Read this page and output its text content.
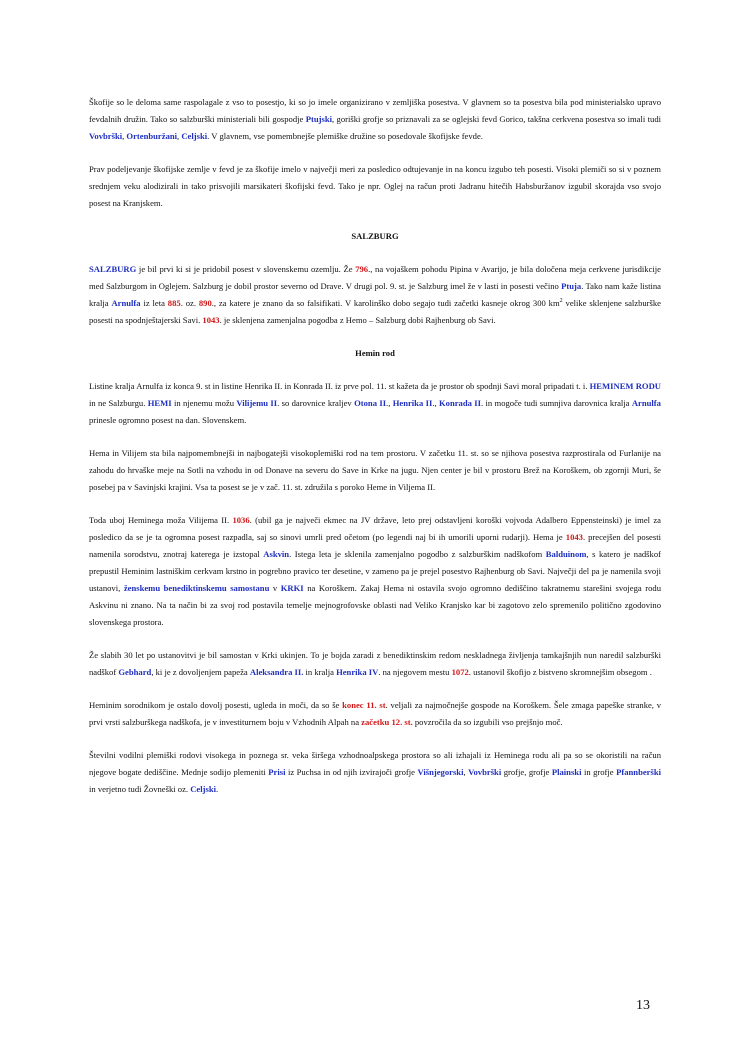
Škofije so le deloma same raspolagale z vso to posestjo, ki so jo imele organizirano v zemljiška posestva. V glavnem so ta posestva bila pod ministerialsko upravo fevdalnih družin. Tako so salzburški ministeriali bili gospodje Ptujski, goriški grofje so priznavali za se oglejski fevd Gorico, takšna cerkvena posestva so imali tudi Vovbrški, Ortenburžani, Celjski. V glavnem, vse pomembnejše plemiške družine so posedovale škofijske fevde.

Prav podeljevanje škofijske zemlje v fevd je za škofije imelo v največji meri za posledico odtujevanje in na koncu izgubo teh posesti. Visoki plemiči so si v poznem srednjem veku alodizirali in tako prisvojili marsikateri škofijski fevd. Tako je npr. Oglej na račun proti Jadranu hitečih Habsburžanov izgubil skorajda vso svojo posest na Kranjskem.

SALZBURG

SALZBURG je bil prvi ki si je pridobil posest v slovenskemu ozemlju. Že 796., na vojaškem pohodu Pipina v Avarijo, je bila določena meja cerkvene jurisdikcije med Salzburgom in Oglejem. Salzburg je dobil prostor severno od Drave. V drugi pol. 9. st. je Salzburg imel že v lasti in posesti večino Ptuja. Tako nam kaže listina kralja Arnulfa iz leta 885. oz. 890., za katere je znano da so falsifikati. V karolinško dobo segajo tudi začetki kasneje okrog 300 $km^2$ velike sklenjene salzburške posesti na spodnještajerski Savi. 1043. je sklenjena zamenjalna pogodba z Hemo – Salzburg dobi Rajhenburg ob Savi.

Hemin rod

Listine kralja Arnulfa iz konca 9. st in listine Henrika II. in Konrada II. iz prve pol. 11. st kažeta da je prostor ob spodnji Savi moral pripadati t. i. HEMINEM RODU in ne Salzburgu. HEMI in njenemu možu Vilijemu II. so darovnice kraljev Otona II., Henrika II., Konrada II. in mogoče tudi sumnjiva darovnica kralja Arnulfa prinesle ogromno posest na dan. Slovenskem.

Hema in Vilijem sta bila najpomembnejši in najbogatejši visokoplemiški rod na tem prostoru. V začetku 11. st. so se njihova posestva razprostirala od Furlanije na zahodu do hrvaške meje na Sotli na vzhodu in od Donave na severu do Save in Krke na jugu. Njen center je bil v prostoru Brež na Koroškem, ob zgornji Muri, še posebej pa v Savinjski krajini. Vsa ta posest se je v zač. 11. st. združila s poroko Heme in Viljema II.

Toda uboj Heminega moža Vilijema II. 1036. (ubil ga je največi ekmec na JV države, leto prej odstavljeni koroški vojvoda Adalbero Eppensteinski) je imel za posledico da se je ta ogromna posest razpadla, saj so sinovi umrli pred očetom (po legendi naj bi ih umorili uporni rudarji). Hema je 1043. precejšen del posesti namenila sorodstvu, znotraj katerega je izstopal Askvin. Istega leta je sklenila zamenjalno pogodbo z salzburškim nadškofom Balduinom, s katero je nadškof prepustil Heminim lastniškim cerkvam krstno in pogrebno pravico ter desetine, v zameno pa je prejel posestvo Rajhenburg ob Savi. Največji del pa je namenila svoji ustanovi, ženskemu benediktinskemu samostanu v KRKI na Koroškem. Zakaj Hema ni ostavila svojo ogromno dediščino takratnemu starešini svojega rodu Askvinu ni znano. Na ta način bi za svoj rod postavila temelje mejnogrofovske oblasti nad Veliko Kranjsko kar bi zagotovo zelo spremenilo politično zgodovino slovenskega prostora.

Že slabih 30 let po ustanovitvi je bil samostan v Krki ukinjen. To je bojda zaradi z benediktinskim redom neskladnega življenja tamkajšnjih nun naredil salzburški nadškof Gebhard, ki je z dovoljenjem papeža Aleksandra II. in kralja Henrika IV. na njegovem mestu 1072. ustanovil škofijo z bistveno skromnejšim obsegom .

Heminim sorodnikom je ostalo dovolj posesti, ugleda in moči, da so še konec 11. st. veljali za najmočnejše gospode na Koroškem. Šele zmaga papeške stranke, v prvi vrsti salzburškega nadškofa, je v investiturnem boju v Vzhodnih Alpah na začetku 12. st. povzročila da so izgubili vso prejšnjo moč.

Številni vodilni plemiški rodovi visokega in poznega sr. veka širšega vzhodnoalpskega prostora so ali izhajali iz Heminega rodu ali pa so se okoristili na račun njegove bogate dediščine. Mednje sodijo plemeniti Prisi iz Puchsa in od njih izvirajoči grofje Višnjegorski, Vovbrški grofje, grofje Plainski in grofje Pfannberški in verjetno tudi Žovneški oz. Celjski.

13
